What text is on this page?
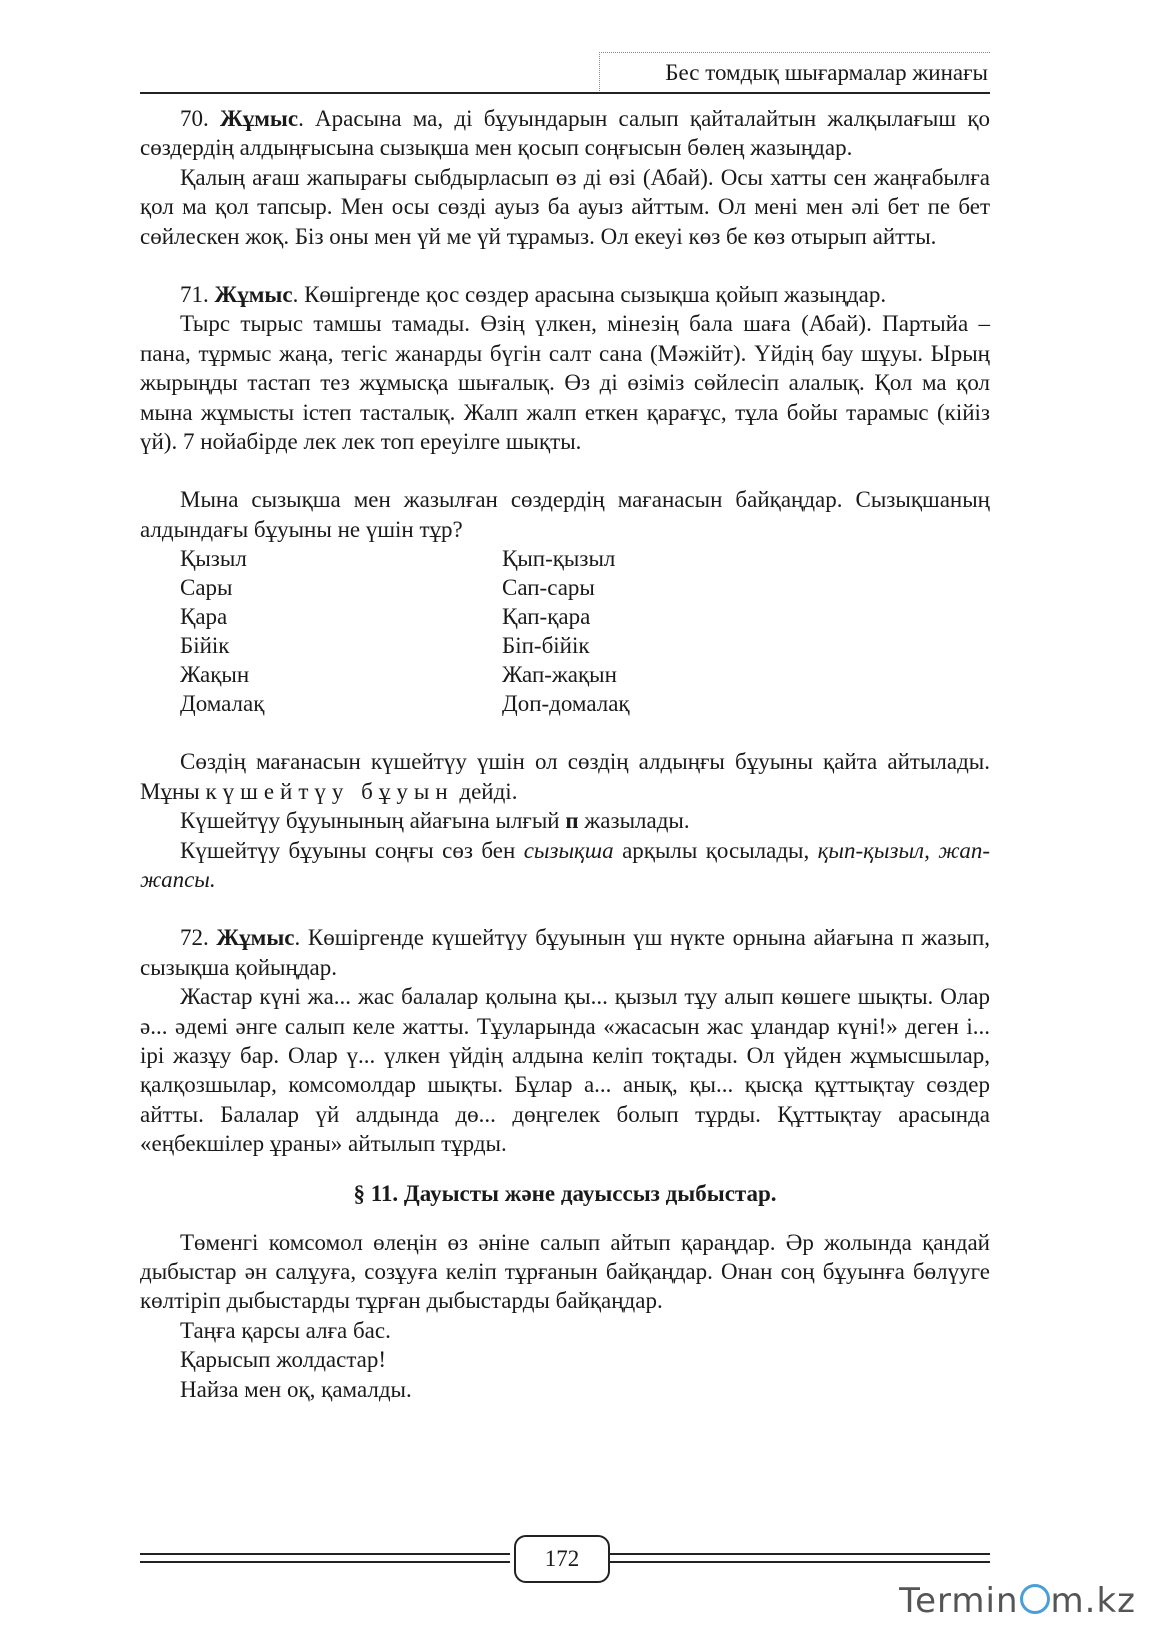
Бес томдық шығармалар жинағы

70. Жұмыс. Арасына ма, ді бұуындарын салып қайталайтын жалқылағыш қо сөздердің алдыңғысына сызықша мен қосып соңғысын бөлең жазыңдар.

Қалың ағаш жапырағы сыбдырласып өз ді өзі (Абай). Осы хатты сен жаңғабылға қол ма қол тапсыр. Мен осы сөзді ауыз ба ауыз айттым. Ол мені мен әлі бет пе бет сөйлескен жоқ. Біз оны мен үй ме үй тұрамыз. Ол екеуі көз бе көз отырып айтты.

71. Жұмыс. Көшіргенде қос сөздер арасына сызықша қойып жазыңдар.

Тырс тырыс тамшы тамады. Өзің үлкен, мінезің бала шаға (Абай). Партыйа – пана, тұрмыс жаңа, тегіс жанарды бүгін салт сана (Мәжійт). Үйдің бау шұуы. Ырың жырыңды тастап тез жұмысқа шығалық. Өз ді өзіміз сөйлесіп алалық. Қол ма қол мына жұмысты істеп тасталық. Жалп жалп еткен қарағұс, тұла бойы тарамыс (кійіз үй). 7 нойабірде лек лек топ ереуілге шықты.

Мына сызықша мен жазылған сөздердің мағанасын байқаңдар. Сызықшаның алдындағы бұуыны не үшін тұр?

Қызыл	Қып-қызыл
Сары	Сап-сары
Қара	Қап-қара
Бійік	Біп-бійік
Жақын	Жап-жақын
Домалақ	Доп-домалақ

Сөздің мағанасын күшейтүу үшін ол сөздің алдыңғы бұуыны қайта айтылады. Мұны күшейтүу бұуын дейді.

Күшейтүу бұуынының айағына ылғый п жазылады.

Күшейтүу бұуыны соңғы сөз бен сызықша арқылы қосылады, қып-қызыл, жап-жапсы.

72. Жұмыс. Көшіргенде күшейтүу бұуынын үш нүкте орнына айағына п жазып, сызықша қойыңдар.

Жастар күні жа... жас балалар қолына қы... қызыл тұу алып көшеге шықты. Олар ә... әдемі әнге салып келе жатты. Тұуларында «жасасын жас ұландар күні!» деген і... ірі жазұу бар. Олар ү... үлкен үйдің алдына келіп тоқтады. Ол үйден жұмысшылар, қалқозшылар, комсомолдар шықты. Бұлар а... анық, қы... қысқа құттықтау сөздер айтты. Балалар үй алдында дө... дөңгелек болып тұрды. Құттықтау арасында «еңбекшілер ұраны» айтылып тұрды.

§ 11. Дауысты және дауыссыз дыбыстар.

Төменгі комсомол өлеңін өз әніне салып айтып қараңдар. Әр жолында қандай дыбыстар ән салұуға, созұуға келіп тұрғанын байқаңдар. Онан соң бұуынға бөлүуге көлтіріп дыбыстарды тұрған дыбыстарды байқаңдар.

Таңға қарсы алға бас.

Қарысып жолдастар!

Найза мен оқ, қамалды.

172
Termin m.kz
